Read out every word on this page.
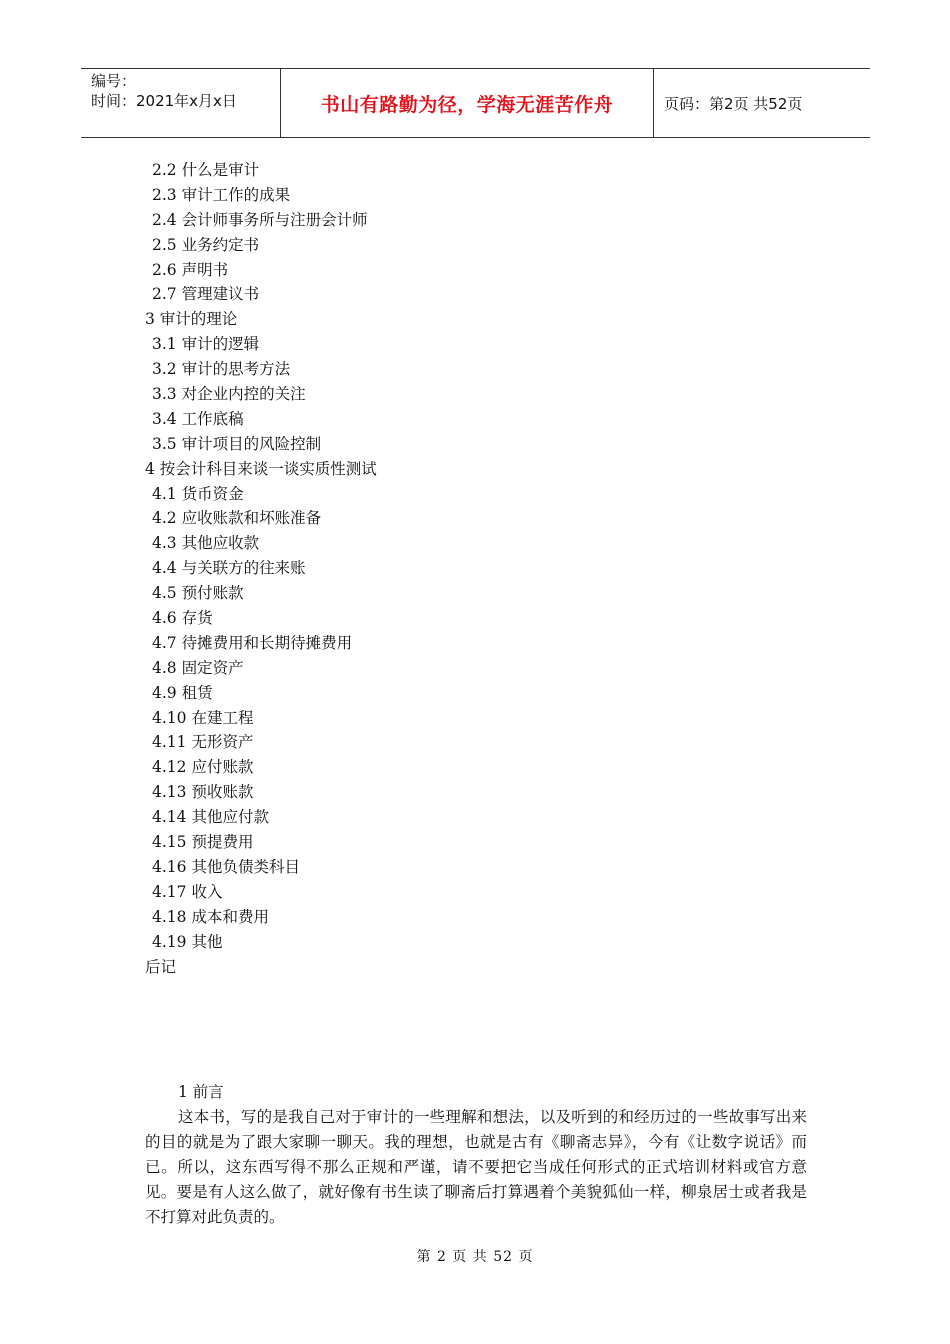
编号：
时间：2021年x月x日	书山有路勤为径，学海无涯苦作舟	页码：第2页 共52页
2.2 什么是审计
2.3 审计工作的成果
2.4 会计师事务所与注册会计师
2.5 业务约定书
2.6 声明书
2.7 管理建议书
3 审计的理论
3.1 审计的逻辑
3.2 审计的思考方法
3.3 对企业内控的关注
3.4 工作底稿
3.5 审计项目的风险控制
4 按会计科目来谈一谈实质性测试
4.1 货币资金
4.2 应收账款和坏账准备
4.3 其他应收款
4.4 与关联方的往来账
4.5 预付账款
4.6 存货
4.7 待摊费用和长期待摊费用
4.8 固定资产
4.9 租赁
4.10 在建工程
4.11 无形资产
4.12 应付账款
4.13 预收账款
4.14 其他应付款
4.15 预提费用
4.16 其他负债类科目
4.17 收入
4.18 成本和费用
4.19 其他
后记

1 前言

这本书，写的是我自己对于审计的一些理解和想法，以及听到的和经历过的一些故事写出来的目的就是为了跟大家聊一聊天。我的理想，也就是古有《聊斋志异》，今有《让数字说话》而已。所以，这东西写得不那么正规和严谨，请不要把它当成任何形式的正式培训材料或官方意见。要是有人这么做了，就好像有书生读了聊斋后打算遇着个美貌狐仙一样，柳泉居士或者我是不打算对此负责的。

第 2 页 共 52 页
